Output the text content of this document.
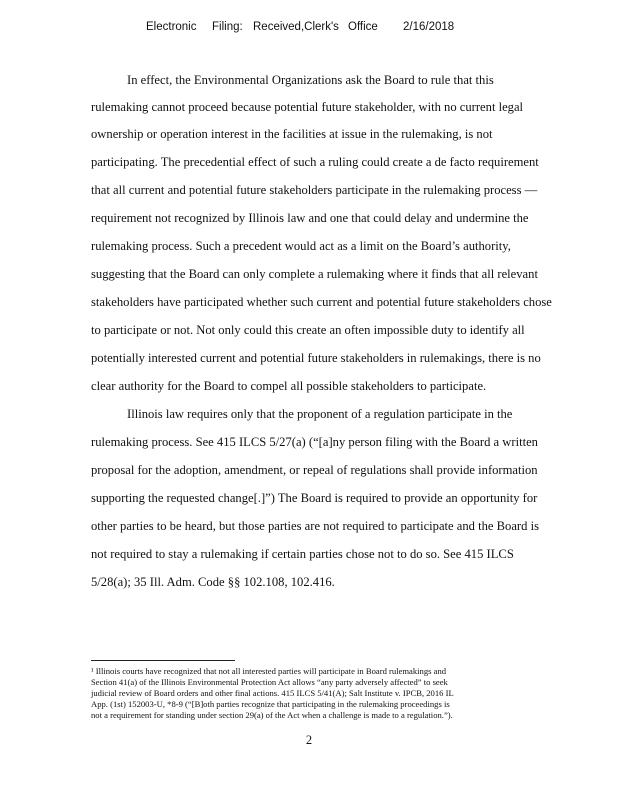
Electronic Filing: Received,Clerk's Office 2/16/2018
In effect, the Environmental Organizations ask the Board to rule that this
rulemaking cannot proceed because potential future stakeholder, with no current legal
ownership or operation interest in the facilities at issue in the rulemaking, is not
participating. The precedential effect of such a ruling could create a de facto requirement
that all current and potential future stakeholders participate in the rulemaking process —
requirement not recognized by Illinois law and one that could delay and undermine the
rulemaking process. Such a precedent would act as a limit on the Board’s authority,
suggesting that the Board can only complete a rulemaking where it finds that all relevant
stakeholders have participated whether such current and potential future stakeholders chose
to participate or not. Not only could this create an often impossible duty to identify all
potentially interested current and potential future stakeholders in rulemakings, there is no
clear authority for the Board to compel all possible stakeholders to participate.
Illinois law requires only that the proponent of a regulation participate in the
rulemaking process. See 415 ILCS 5/27(a) (“[a]ny person filing with the Board a written
proposal for the adoption, amendment, or repeal of regulations shall provide information
supporting the requested change[.]”) The Board is required to provide an opportunity for
other parties to be heard, but those parties are not required to participate and the Board is
not required to stay a rulemaking if certain parties chose not to do so. See 415 ILCS
5/28(a); 35 Ill. Adm. Code §§ 102.108, 102.416.
¹ Illinois courts have recognized that not all interested parties will participate in Board rulemakings and
Section 41(a) of the Illinois Environmental Protection Act allows “any party adversely affected” to seek
judicial review of Board orders and other final actions. 415 ILCS 5/41(A); Salt Institute v. IPCB, 2016 IL
App. (1st) 152003-U, *8-9 (“[B]oth parties recognize that participating in the rulemaking proceedings is
not a requirement for standing under section 29(a) of the Act when a challenge is made to a regulation.”).
2
